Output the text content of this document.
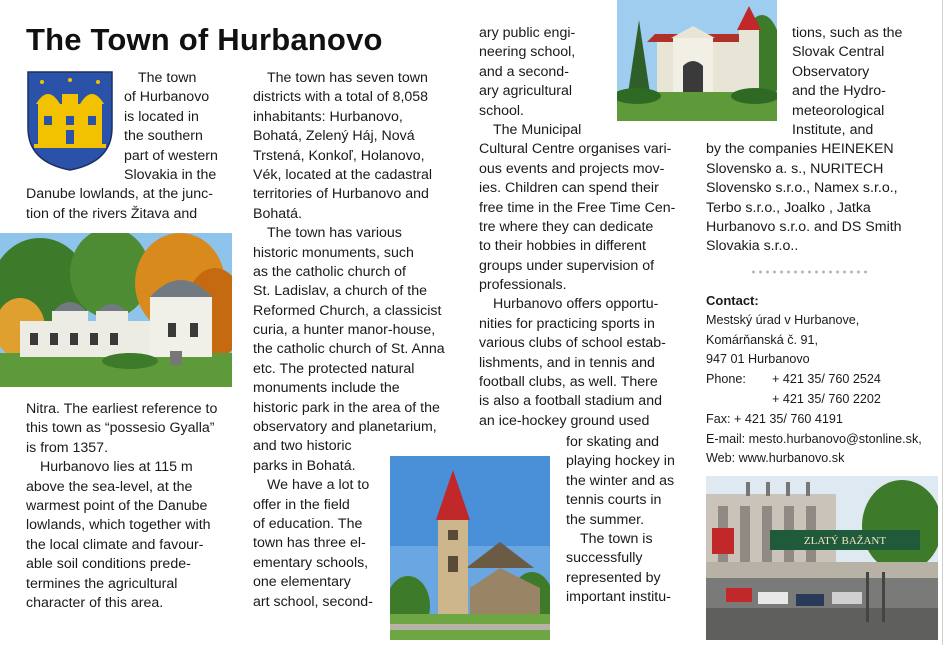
The Town of Hurbanovo
The town
of Hurbanovo
is located in
the southern
part of western
Slovakia in the
Danube lowlands, at the junc-
tion of the rivers Žitava and
Nitra. The earliest reference to
this town as “possesio Gyalla”
is from 1357.
Hurbanovo lies at 115 m
above the sea-level, at the
warmest point of the Danube
lowlands, which together with
the local climate and favour-
able soil conditions prede-
termines the agricultural
character of this area.
The town has seven town
districts with a total of 8,058
inhabitants: Hurbanovo,
Bohatá, Zelený Háj, Nová
Trstená, Konkoľ, Holanovo,
Vék, located at the cadastral
territories of Hurbanovo and
Bohatá.
The town has various
historic monuments, such
as the catholic church of
St. Ladislav, a church of the
Reformed Church, a classicist
curia, a hunter manor-house,
the catholic church of St. Anna
etc. The protected natural
monuments include the
historic park in the area of the
observatory and planetarium,
and two historic
parks in Bohatá.
We have a lot to
offer in the field
of education. The
town has three el-
ementary schools,
one elementary
art school, second-
ary public engi-
neering school,
and a second-
ary agricultural
school.
The Municipal
Cultural Centre organises vari-
ous events and projects mov-
ies. Children can spend their
free time in the Free Time Cen-
tre where they can dedicate
to their hobbies in different
groups under supervision of
professionals.
Hurbanovo offers opportu-
nities for practicing sports in
various clubs of school estab-
lishments, and in tennis and
football clubs, as well. There
is also a football stadium and
an ice-hockey ground used
for skating and
playing hockey in
the winter and as
tennis courts in
the summer.
The town is
successfully
represented by
important institu-
tions, such as the
Slovak Central
Observatory
and the Hydro-
meteorological
Institute, and
by the companies HEINEKEN
Slovensko a. s., NURITECH
Slovensko s.r.o., Namex s.r.o.,
Terbo s.r.o., Joalko , Jatka
Hurbanovo s.r.o. and DS Smith
Slovakia s.r.o..
Contact:
Mestský úrad v Hurbanove,
Komárňanská č. 91,
947 01 Hurbanovo
Phone: + 421 35/ 760 2524
+ 421 35/ 760 2202
Fax: + 421 35/ 760 4191
E-mail: mesto.hurbanovo@stonline.sk,
Web: www.hurbanovo.sk
ZLATÝ BAŽANT
